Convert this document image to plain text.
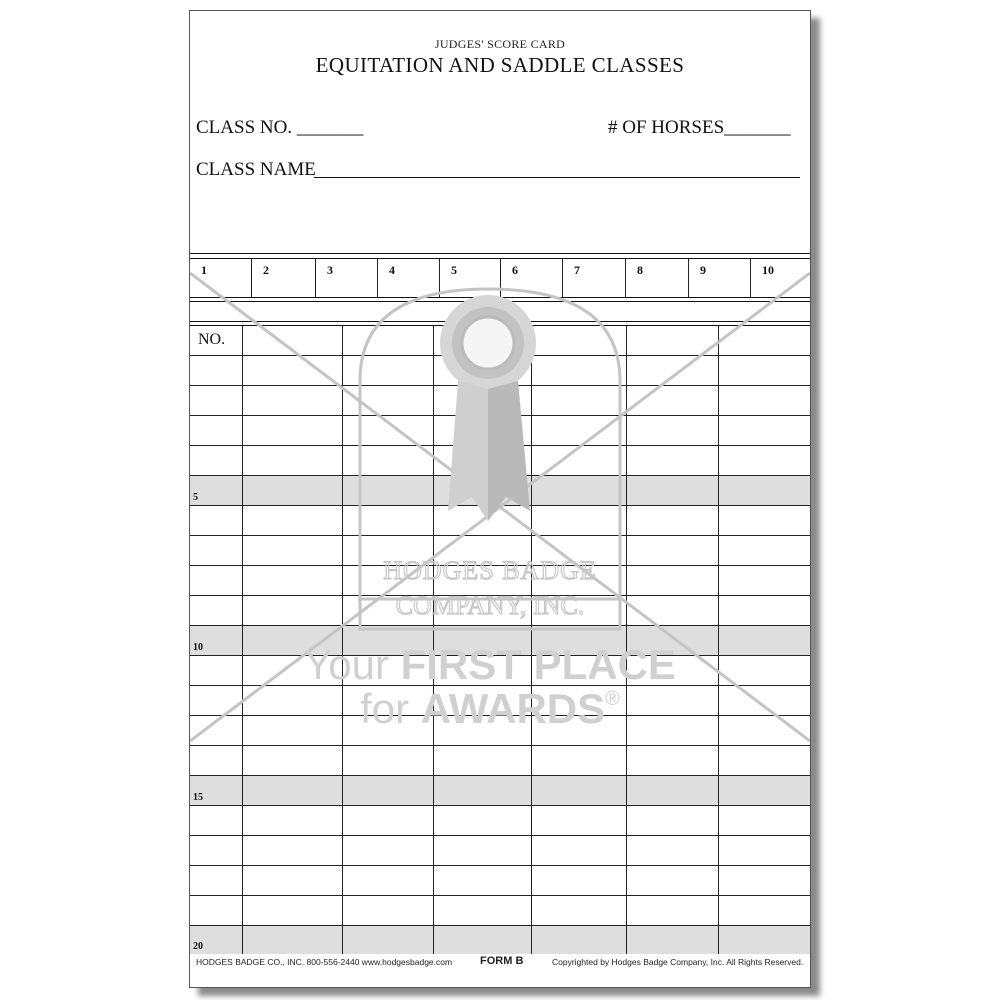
JUDGES' SCORE CARD
EQUITATION AND SADDLE CLASSES
CLASS NO. _______	# OF HORSES_______
CLASS NAME
1	2	3	4	5	6	7	8	9	10
NO.
5
10
15
20
HODGES BADGE
COMPANY, INC.
Your FIRST PLACE
for AWARDS®
HODGES BADGE CO., INC. 800-556-2440 www.hodgesbadge.com	FORM B	Copyrighted by Hodges Badge Company, Inc. All Rights Reserved.
